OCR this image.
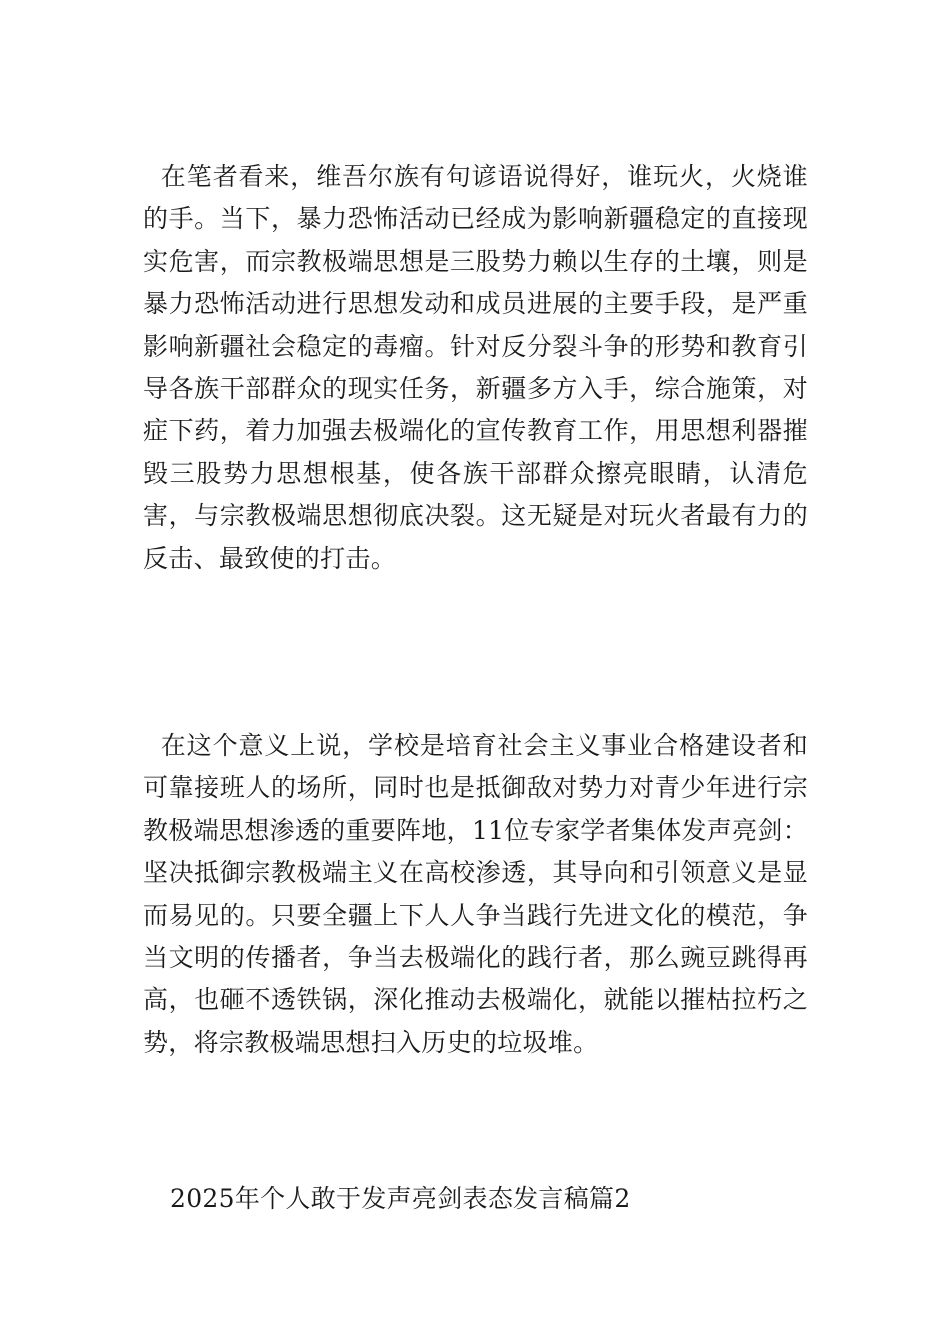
在笔者看来，维吾尔族有句谚语说得好，谁玩火，火烧谁的手。当下，暴力恐怖活动已经成为影响新疆稳定的直接现实危害，而宗教极端思想是三股势力赖以生存的土壤，则是暴力恐怖活动进行思想发动和成员进展的主要手段，是严重影响新疆社会稳定的毒瘤。针对反分裂斗争的形势和教育引导各族干部群众的现实任务，新疆多方入手，综合施策，对症下药，着力加强去极端化的宣传教育工作，用思想利器摧毁三股势力思想根基，使各族干部群众擦亮眼睛，认清危害，与宗教极端思想彻底决裂。这无疑是对玩火者最有力的反击、最致使的打击。

在这个意义上说，学校是培育社会主义事业合格建设者和可靠接班人的场所，同时也是抵御敌对势力对青少年进行宗教极端思想渗透的重要阵地，11位专家学者集体发声亮剑：坚决抵御宗教极端主义在高校渗透，其导向和引领意义是显而易见的。只要全疆上下人人争当践行先进文化的模范，争当文明的传播者，争当去极端化的践行者，那么豌豆跳得再高，也砸不透铁锅，深化推动去极端化，就能以摧枯拉朽之势，将宗教极端思想扫入历史的垃圾堆。

2025年个人敢于发声亮剑表态发言稿篇2
